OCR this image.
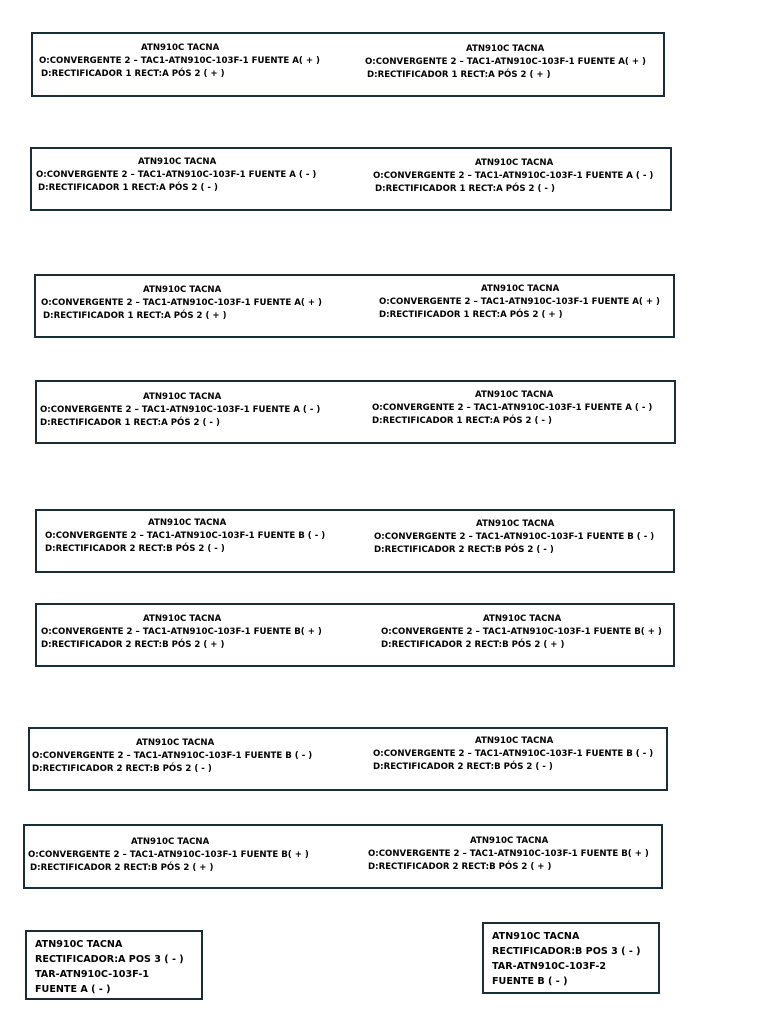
ATN910C TACNA
O:CONVERGENTE 2 – TAC1-ATN910C-103F-1 FUENTE A( + )
D:RECTIFICADOR 1 RECT:A PÓS 2 ( + )
ATN910C TACNA
O:CONVERGENTE 2 – TAC1-ATN910C-103F-1 FUENTE A( + )
D:RECTIFICADOR 1 RECT:A PÓS 2 ( + )
ATN910C TACNA
O:CONVERGENTE 2 – TAC1-ATN910C-103F-1 FUENTE A ( - )
D:RECTIFICADOR 1 RECT:A PÓS 2 ( - )
ATN910C TACNA
O:CONVERGENTE 2 – TAC1-ATN910C-103F-1 FUENTE A ( - )
D:RECTIFICADOR 1 RECT:A PÓS 2 ( - )
ATN910C TACNA
O:CONVERGENTE 2 – TAC1-ATN910C-103F-1 FUENTE A( + )
D:RECTIFICADOR 1 RECT:A PÓS 2 ( + )
ATN910C TACNA
O:CONVERGENTE 2 – TAC1-ATN910C-103F-1 FUENTE A( + )
D:RECTIFICADOR 1 RECT:A PÓS 2 ( + )
ATN910C TACNA
O:CONVERGENTE 2 – TAC1-ATN910C-103F-1 FUENTE A ( - )
D:RECTIFICADOR 1 RECT:A PÓS 2 ( - )
ATN910C TACNA
O:CONVERGENTE 2 – TAC1-ATN910C-103F-1 FUENTE A ( - )
D:RECTIFICADOR 1 RECT:A PÓS 2 ( - )
ATN910C TACNA
O:CONVERGENTE 2 – TAC1-ATN910C-103F-1 FUENTE B ( - )
D:RECTIFICADOR 2 RECT:B PÓS 2 ( - )
ATN910C TACNA
O:CONVERGENTE 2 – TAC1-ATN910C-103F-1 FUENTE B ( - )
D:RECTIFICADOR 2 RECT:B PÓS 2 ( - )
ATN910C TACNA
O:CONVERGENTE 2 – TAC1-ATN910C-103F-1 FUENTE B( + )
D:RECTIFICADOR 2 RECT:B PÓS 2 ( + )
ATN910C TACNA
O:CONVERGENTE 2 – TAC1-ATN910C-103F-1 FUENTE B( + )
D:RECTIFICADOR 2 RECT:B PÓS 2 ( + )
ATN910C TACNA
O:CONVERGENTE 2 – TAC1-ATN910C-103F-1 FUENTE B ( - )
D:RECTIFICADOR 2 RECT:B PÓS 2 ( - )
ATN910C TACNA
O:CONVERGENTE 2 – TAC1-ATN910C-103F-1 FUENTE B ( - )
D:RECTIFICADOR 2 RECT:B PÓS 2 ( - )
ATN910C TACNA
O:CONVERGENTE 2 – TAC1-ATN910C-103F-1 FUENTE B( + )
D:RECTIFICADOR 2 RECT:B PÓS 2 ( + )
ATN910C TACNA
O:CONVERGENTE 2 – TAC1-ATN910C-103F-1 FUENTE B( + )
D:RECTIFICADOR 2 RECT:B PÓS 2 ( + )
ATN910C TACNA
RECTIFICADOR:A POS 3 ( - )
TAR-ATN910C-103F-1
FUENTE A ( - )
ATN910C TACNA
RECTIFICADOR:B POS 3 ( - )
TAR-ATN910C-103F-2
FUENTE B ( - )
